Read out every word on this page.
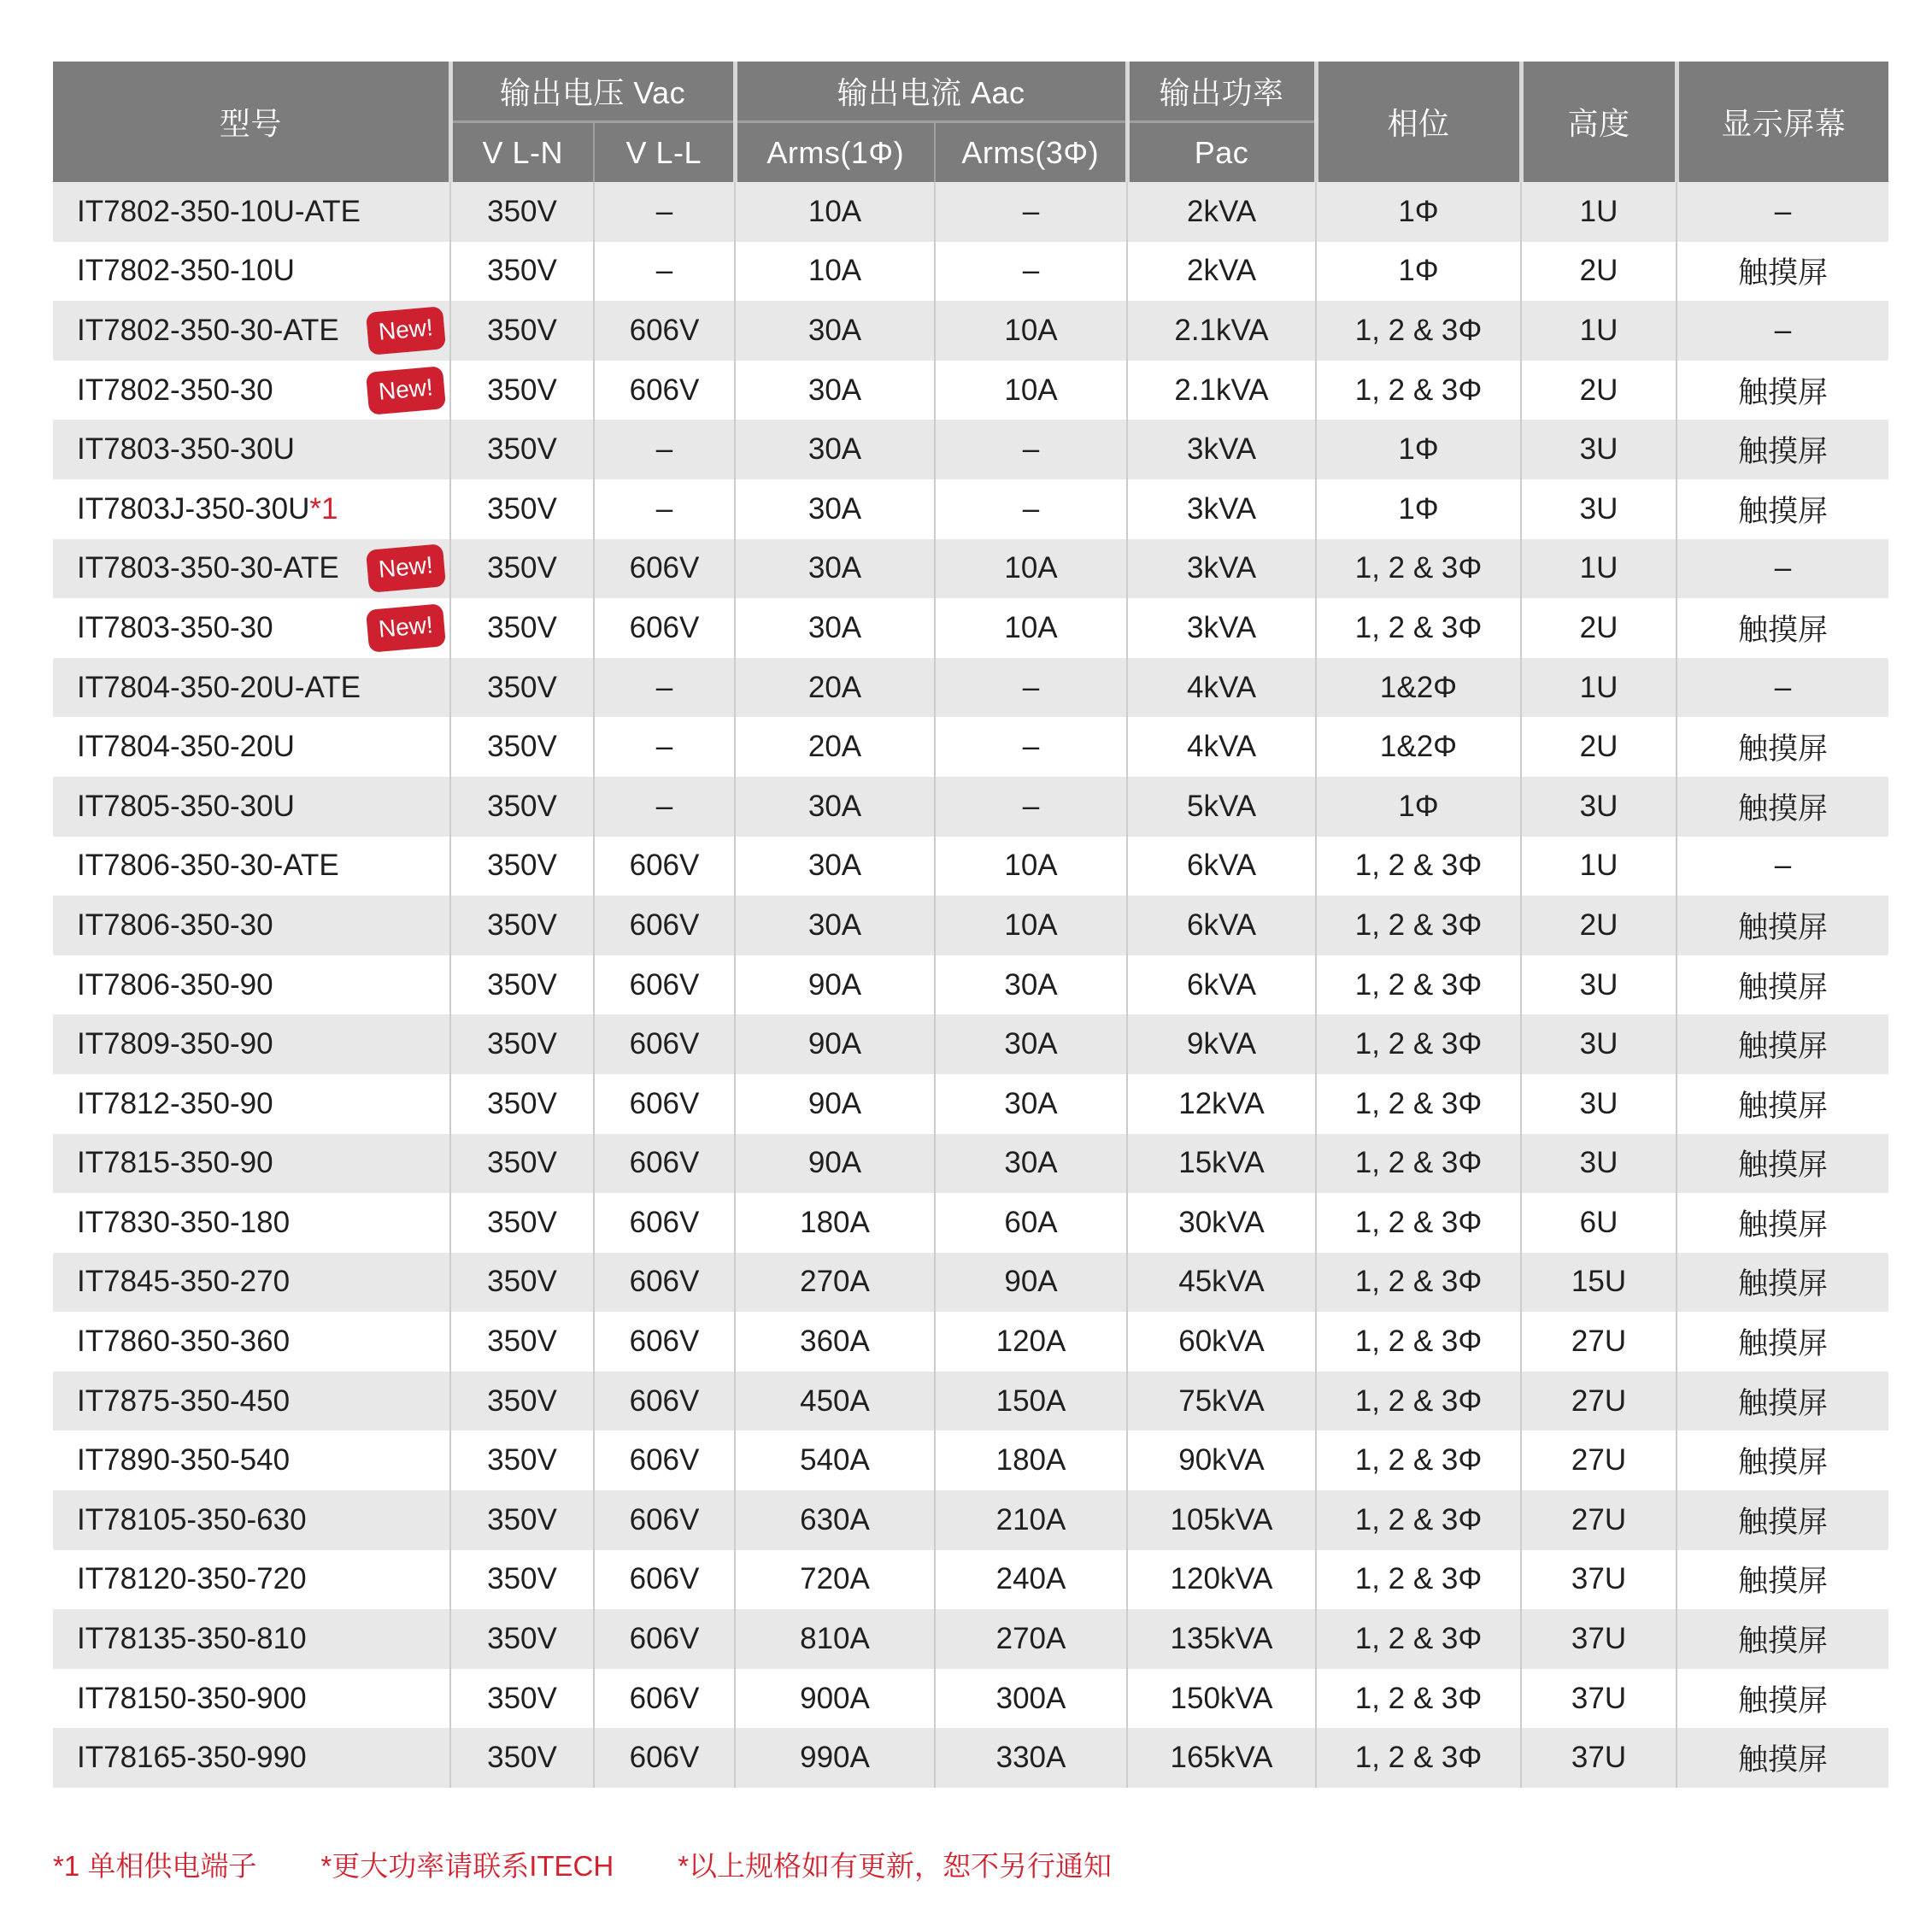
型号	输出电压 Vac		输出电流 Aac		输出功率	相位	高度	显示屏幕
	V L-N	V L-L	Arms(1Φ)	Arms(3Φ)	Pac			
IT7802-350-10U-ATE	350V	–	10A	–	2kVA	1Φ	1U	–
IT7802-350-10U	350V	–	10A	–	2kVA	1Φ	2U	触摸屏
IT7802-350-30-ATE New!	350V	606V	30A	10A	2.1kVA	1, 2 & 3Φ	1U	–
IT7802-350-30 New!	350V	606V	30A	10A	2.1kVA	1, 2 & 3Φ	2U	触摸屏
IT7803-350-30U	350V	–	30A	–	3kVA	1Φ	3U	触摸屏
IT7803J-350-30U*1	350V	–	30A	–	3kVA	1Φ	3U	触摸屏
IT7803-350-30-ATE New!	350V	606V	30A	10A	3kVA	1, 2 & 3Φ	1U	–
IT7803-350-30 New!	350V	606V	30A	10A	3kVA	1, 2 & 3Φ	2U	触摸屏
IT7804-350-20U-ATE	350V	–	20A	–	4kVA	1&2Φ	1U	–
IT7804-350-20U	350V	–	20A	–	4kVA	1&2Φ	2U	触摸屏
IT7805-350-30U	350V	–	30A	–	5kVA	1Φ	3U	触摸屏
IT7806-350-30-ATE	350V	606V	30A	10A	6kVA	1, 2 & 3Φ	1U	–
IT7806-350-30	350V	606V	30A	10A	6kVA	1, 2 & 3Φ	2U	触摸屏
IT7806-350-90	350V	606V	90A	30A	6kVA	1, 2 & 3Φ	3U	触摸屏
IT7809-350-90	350V	606V	90A	30A	9kVA	1, 2 & 3Φ	3U	触摸屏
IT7812-350-90	350V	606V	90A	30A	12kVA	1, 2 & 3Φ	3U	触摸屏
IT7815-350-90	350V	606V	90A	30A	15kVA	1, 2 & 3Φ	3U	触摸屏
IT7830-350-180	350V	606V	180A	60A	30kVA	1, 2 & 3Φ	6U	触摸屏
IT7845-350-270	350V	606V	270A	90A	45kVA	1, 2 & 3Φ	15U	触摸屏
IT7860-350-360	350V	606V	360A	120A	60kVA	1, 2 & 3Φ	27U	触摸屏
IT7875-350-450	350V	606V	450A	150A	75kVA	1, 2 & 3Φ	27U	触摸屏
IT7890-350-540	350V	606V	540A	180A	90kVA	1, 2 & 3Φ	27U	触摸屏
IT78105-350-630	350V	606V	630A	210A	105kVA	1, 2 & 3Φ	27U	触摸屏
IT78120-350-720	350V	606V	720A	240A	120kVA	1, 2 & 3Φ	37U	触摸屏
IT78135-350-810	350V	606V	810A	270A	135kVA	1, 2 & 3Φ	37U	触摸屏
IT78150-350-900	350V	606V	900A	300A	150kVA	1, 2 & 3Φ	37U	触摸屏
IT78165-350-990	350V	606V	990A	330A	165kVA	1, 2 & 3Φ	37U	触摸屏
*1 单相供电端子 *更大功率请联系ITECH *以上规格如有更新，恕不另行通知
